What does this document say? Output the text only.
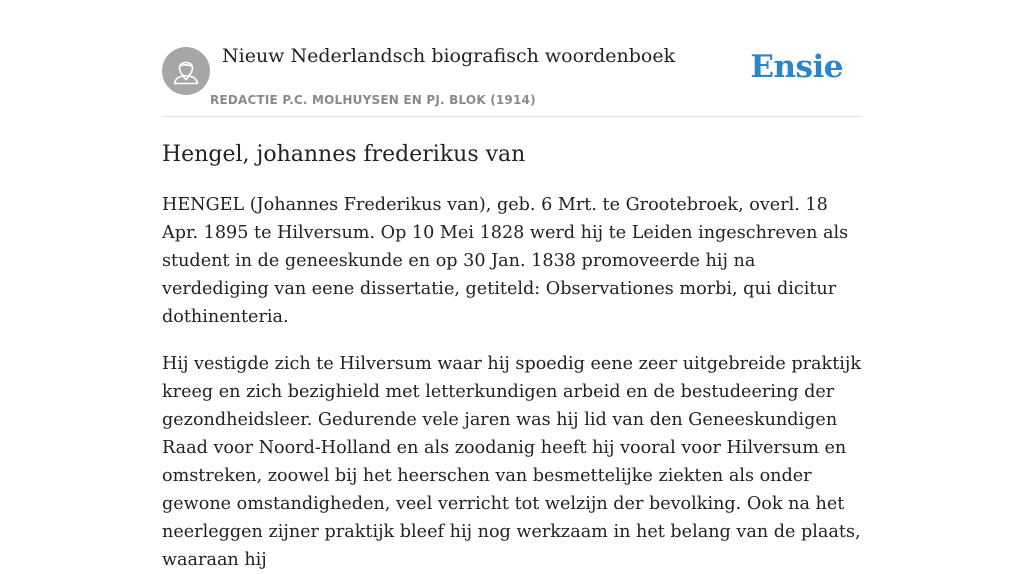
Nieuw Nederlandsch biografisch woordenboek

REDACTIE P.C. MOLHUYSEN EN PJ. BLOK (1914)

Ensie
Hengel, johannes frederikus van

HENGEL (Johannes Frederikus van), geb. 6 Mrt. te Grootebroek, overl. 18 Apr. 1895 te Hilversum. Op 10 Mei 1828 werd hij te Leiden ingeschreven als student in de geneeskunde en op 30 Jan. 1838 promoveerde hij na verdediging van eene dissertatie, getiteld: Observationes morbi, qui dicitur dothinenteria.

Hij vestigde zich te Hilversum waar hij spoedig eene zeer uitgebreide praktijk kreeg en zich bezighield met letterkundigen arbeid en de bestudeering der gezondheidsleer. Gedurende vele jaren was hij lid van den Geneeskundigen Raad voor Noord-Holland en als zoodanig heeft hij vooral voor Hilversum en omstreken, zoowel bij het heerschen van besmettelijke ziekten als onder gewone omstandigheden, veel verricht tot welzijn der bevolking. Ook na het neerleggen zijner praktijk bleef hij nog werkzaam in het belang van de plaats, waaraan hij
